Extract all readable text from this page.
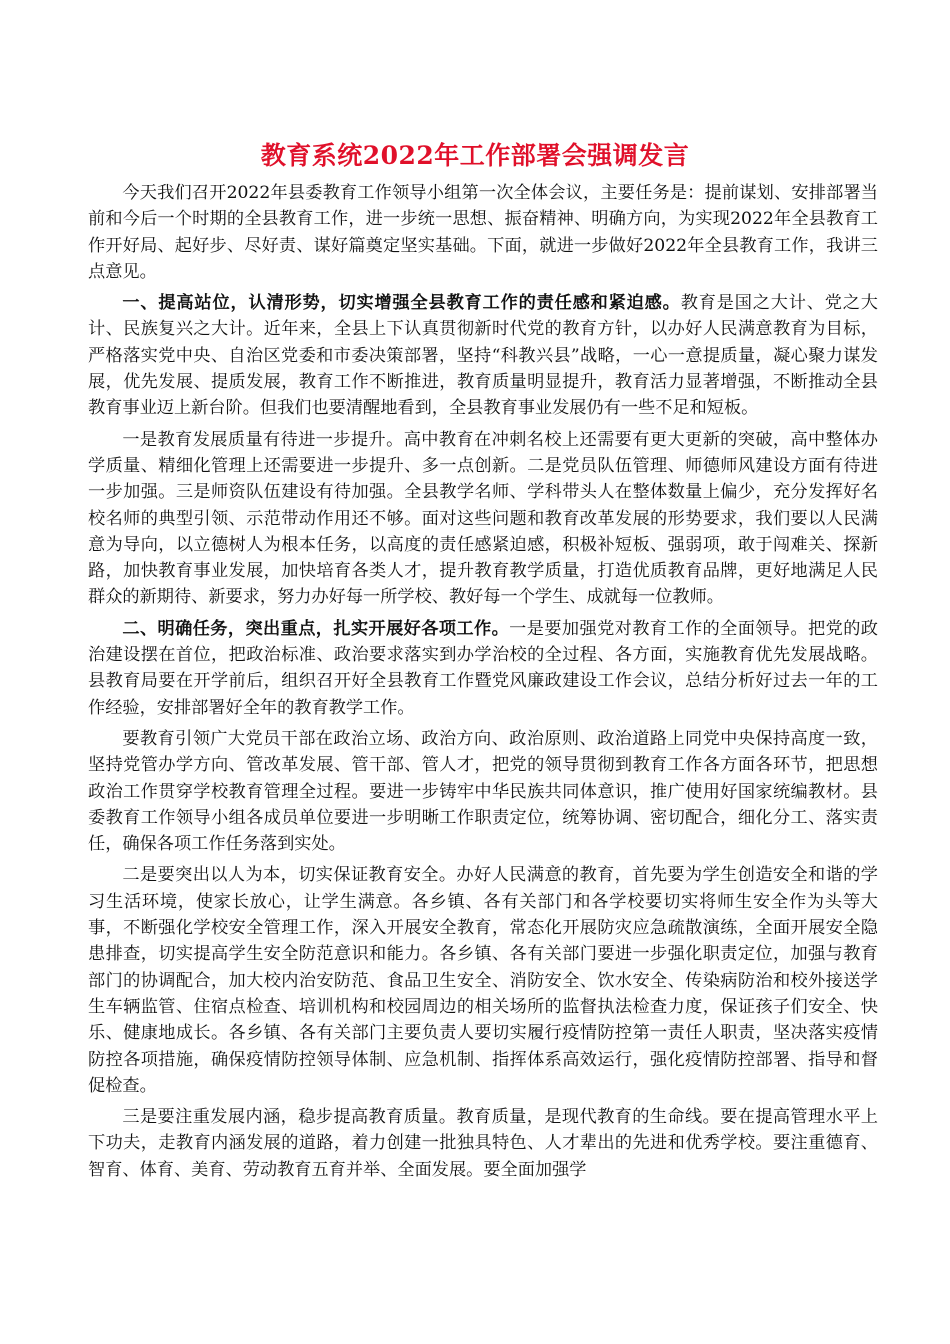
教育系统2022年工作部署会强调发言

今天我们召开2022年县委教育工作领导小组第一次全体会议，主要任务是：提前谋划、安排部署当前和今后一个时期的全县教育工作，进一步统一思想、振奋精神、明确方向，为实现2022年全县教育工作开好局、起好步、尽好责、谋好篇奠定坚实基础。下面，就进一步做好2022年全县教育工作，我讲三点意见。

一、提高站位，认清形势，切实增强全县教育工作的责任感和紧迫感。教育是国之大计、党之大计、民族复兴之大计。近年来，全县上下认真贯彻新时代党的教育方针，以办好人民满意教育为目标，严格落实党中央、自治区党委和市委决策部署，坚持“科教兴县”战略，一心一意提质量，凝心聚力谋发展，优先发展、提质发展，教育工作不断推进，教育质量明显提升，教育活力显著增强，不断推动全县教育事业迈上新台阶。但我们也要清醒地看到，全县教育事业发展仍有一些不足和短板。

一是教育发展质量有待进一步提升。高中教育在冲刺名校上还需要有更大更新的突破，高中整体办学质量、精细化管理上还需要进一步提升、多一点创新。二是党员队伍管理、师德师风建设方面有待进一步加强。三是师资队伍建设有待加强。全县教学名师、学科带头人在整体数量上偏少，充分发挥好名校名师的典型引领、示范带动作用还不够。面对这些问题和教育改革发展的形势要求，我们要以人民满意为导向，以立德树人为根本任务，以高度的责任感紧迫感，积极补短板、强弱项，敢于闯难关、探新路，加快教育事业发展，加快培育各类人才，提升教育教学质量，打造优质教育品牌，更好地满足人民群众的新期待、新要求，努力办好每一所学校、教好每一个学生、成就每一位教师。

二、明确任务，突出重点，扎实开展好各项工作。一是要加强党对教育工作的全面领导。把党的政治建设摆在首位，把政治标准、政治要求落实到办学治校的全过程、各方面，实施教育优先发展战略。县教育局要在开学前后，组织召开好全县教育工作暨党风廉政建设工作会议，总结分析好过去一年的工作经验，安排部署好全年的教育教学工作。

要教育引领广大党员干部在政治立场、政治方向、政治原则、政治道路上同党中央保持高度一致，坚持党管办学方向、管改革发展、管干部、管人才，把党的领导贯彻到教育工作各方面各环节，把思想政治工作贯穿学校教育管理全过程。要进一步铸牢中华民族共同体意识，推广使用好国家统编教材。县委教育工作领导小组各成员单位要进一步明晰工作职责定位，统筹协调、密切配合，细化分工、落实责任，确保各项工作任务落到实处。

二是要突出以人为本，切实保证教育安全。办好人民满意的教育，首先要为学生创造安全和谐的学习生活环境，使家长放心，让学生满意。各乡镇、各有关部门和各学校要切实将师生安全作为头等大事，不断强化学校安全管理工作，深入开展安全教育，常态化开展防灾应急疏散演练，全面开展安全隐患排查，切实提高学生安全防范意识和能力。各乡镇、各有关部门要进一步强化职责定位，加强与教育部门的协调配合，加大校内治安防范、食品卫生安全、消防安全、饮水安全、传染病防治和校外接送学生车辆监管、住宿点检查、培训机构和校园周边的相关场所的监督执法检查力度，保证孩子们安全、快乐、健康地成长。各乡镇、各有关部门主要负责人要切实履行疫情防控第一责任人职责，坚决落实疫情防控各项措施，确保疫情防控领导体制、应急机制、指挥体系高效运行，强化疫情防控部署、指导和督促检查。

三是要注重发展内涵，稳步提高教育质量。教育质量，是现代教育的生命线。要在提高管理水平上下功夫，走教育内涵发展的道路，着力创建一批独具特色、人才辈出的先进和优秀学校。要注重德育、智育、体育、美育、劳动教育五育并举、全面发展。要全面加强学
